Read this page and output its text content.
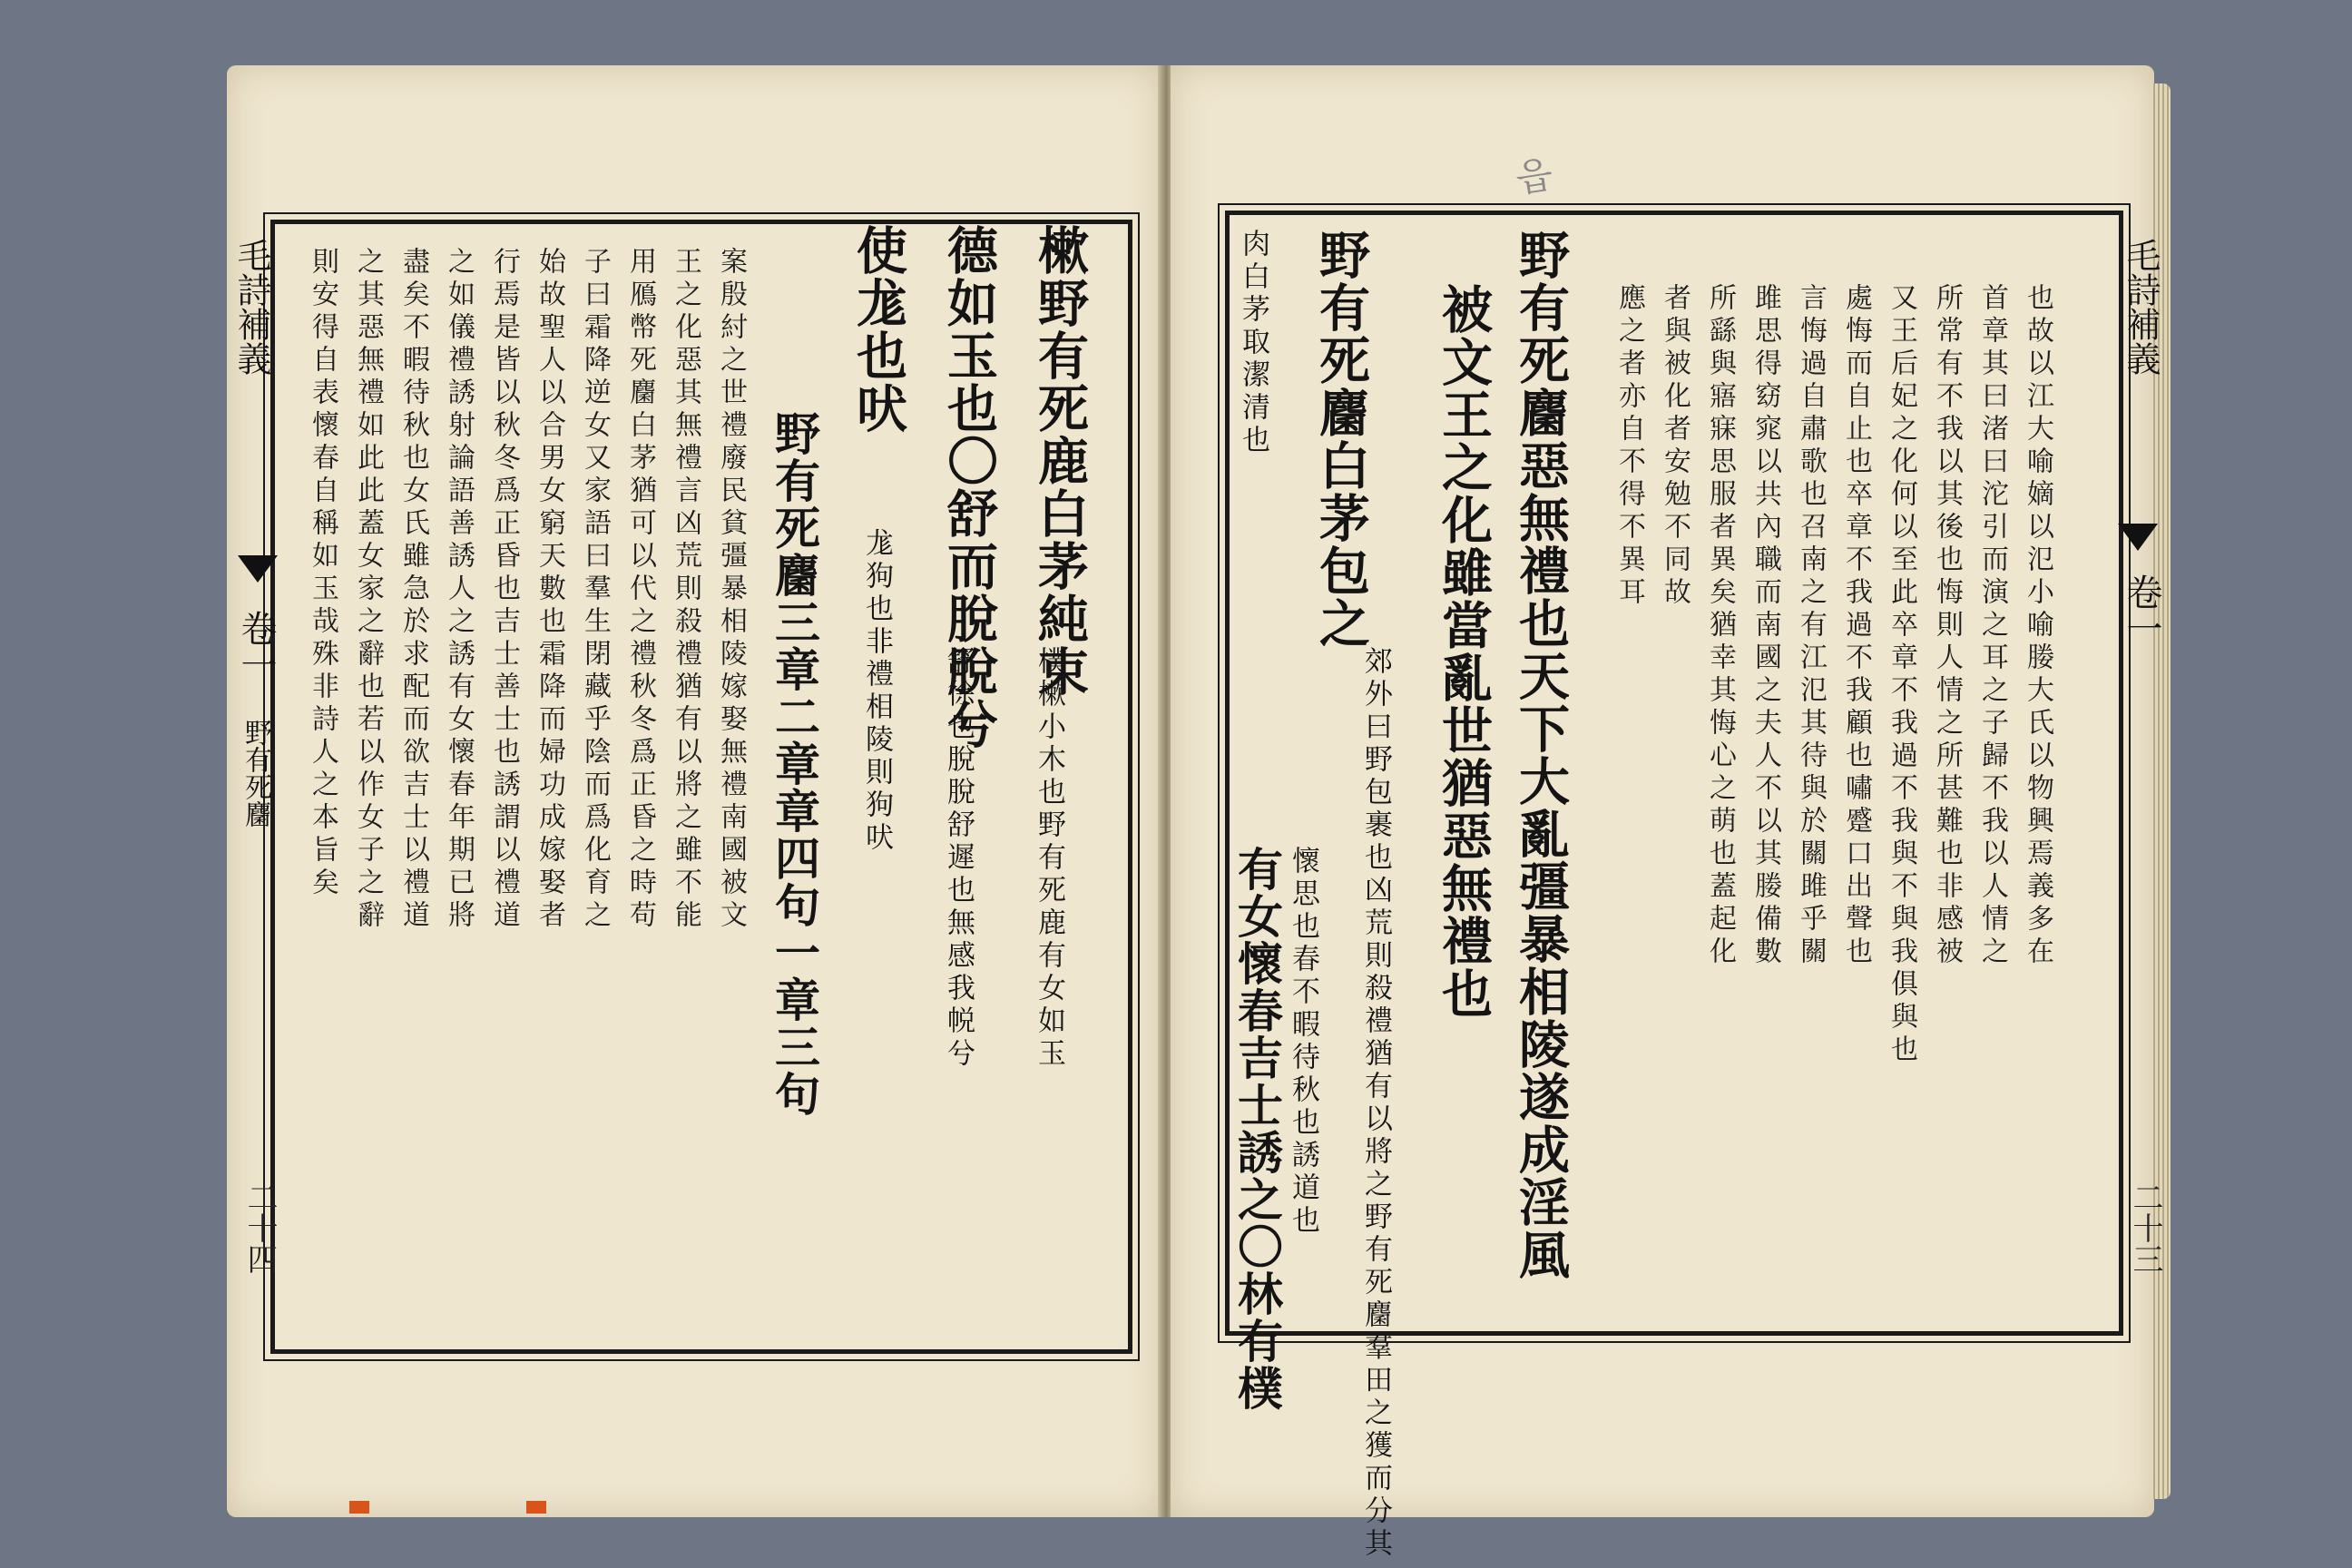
毛詩補義
卷一
野有死麕
二十四
案殷紂之世禮廢民貧彊暴相陵嫁娶無禮南國被文
王之化惡其無禮言凶荒則殺禮猶有以將之雖不能
用鴈幣死麕白茅猶可以代之禮秋冬爲正昏之時苟
子曰霜降逆女又家語曰羣生閉藏乎陰而爲化育之
始故聖人以合男女窮天數也霜降而婦功成嫁娶者
行焉是皆以秋冬爲正昏也吉士善士也誘謂以禮道
之如儀禮誘射論語善誘人之誘有女懷春年期已將
盡矣不暇待秋也女氏雖急於求配而欲吉士以禮道
之其惡無禮如此此蓋女家之辭也若以作女子之辭
則安得自表懷春自稱如玉哉殊非詩人之本旨矣	野有死麕三章二章章四句一章三句 尨狗也非禮相陵則狗吠 舒徐也脫脫舒遲也無感我帨兮 樸樕小木也野有死鹿有女如玉
使尨也吠 德如玉也〇舒而脫脫兮 樕野有死鹿白茅純束
읍
肉白茅取潔清也
有女懷春吉士誘之〇林有樸 懷思也春不暇待秋也誘道也
野有死麕白茅包之
郊外曰野包裹也凶荒則殺禮猶有以將之野有死麕羣田之獲而分其 被文王之化雖當亂世猶惡無禮也 野有死麕惡無禮也天下大亂彊暴相陵遂成淫風	也故以江大喻嫡以氾小喻媵大氏以物興焉義多在
首章其曰渚曰沱引而演之耳之子歸不我以人情之
所常有不我以其後也悔則人情之所甚難也非感被
又王后妃之化何以至此卒章不我過不我與不與我俱與也
處悔而自止也卒章不我過不我顧也嘯蹙口出聲也
言悔過自肅歌也召南之有江氾其待與於關雎乎關
雎思得窈窕以共內職而南國之夫人不以其媵備數
所繇與寤寐思服者異矣猶幸其悔心之萌也蓋起化
者與被化者安勉不同故
應之者亦自不得不異耳	毛詩補義
卷一
二十三
